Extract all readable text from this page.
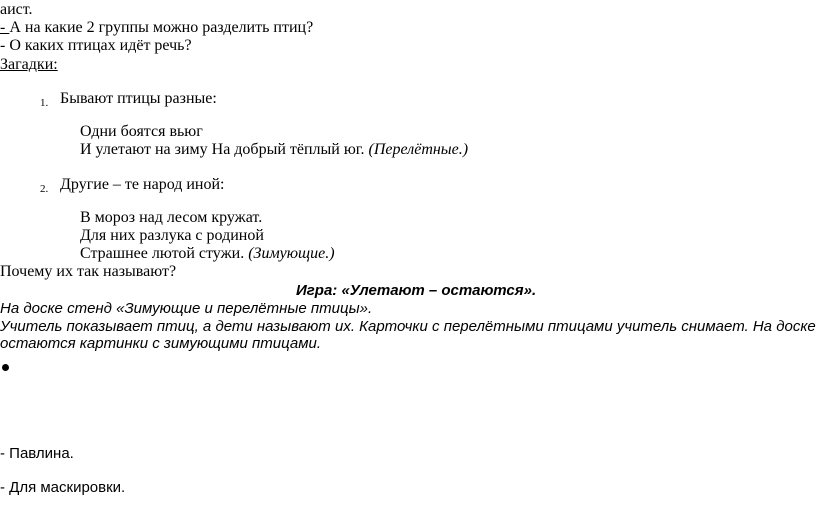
аист.
- А на какие 2 группы можно разделить птиц?
- О каких птицах идёт речь?
Загадки:
1. Бывают птицы разные:
Одни боятся вьюг
И улетают на зиму На добрый тёплый юг. (Перелётные.)
2. Другие – те народ иной:
В мороз над лесом кружат.
Для них разлука с родиной
Страшнее лютой стужи. (Зимующие.)
Почему их так называют?
Игра: «Улетают – остаются».
На доске стенд «Зимующие и перелётные птицы».
Учитель показывает птиц, а дети называют их. Карточки с перелётными птицами учитель снимает. На доске
остаются картинки с зимующими птицами.
- Павлина.
- Для маскировки.
